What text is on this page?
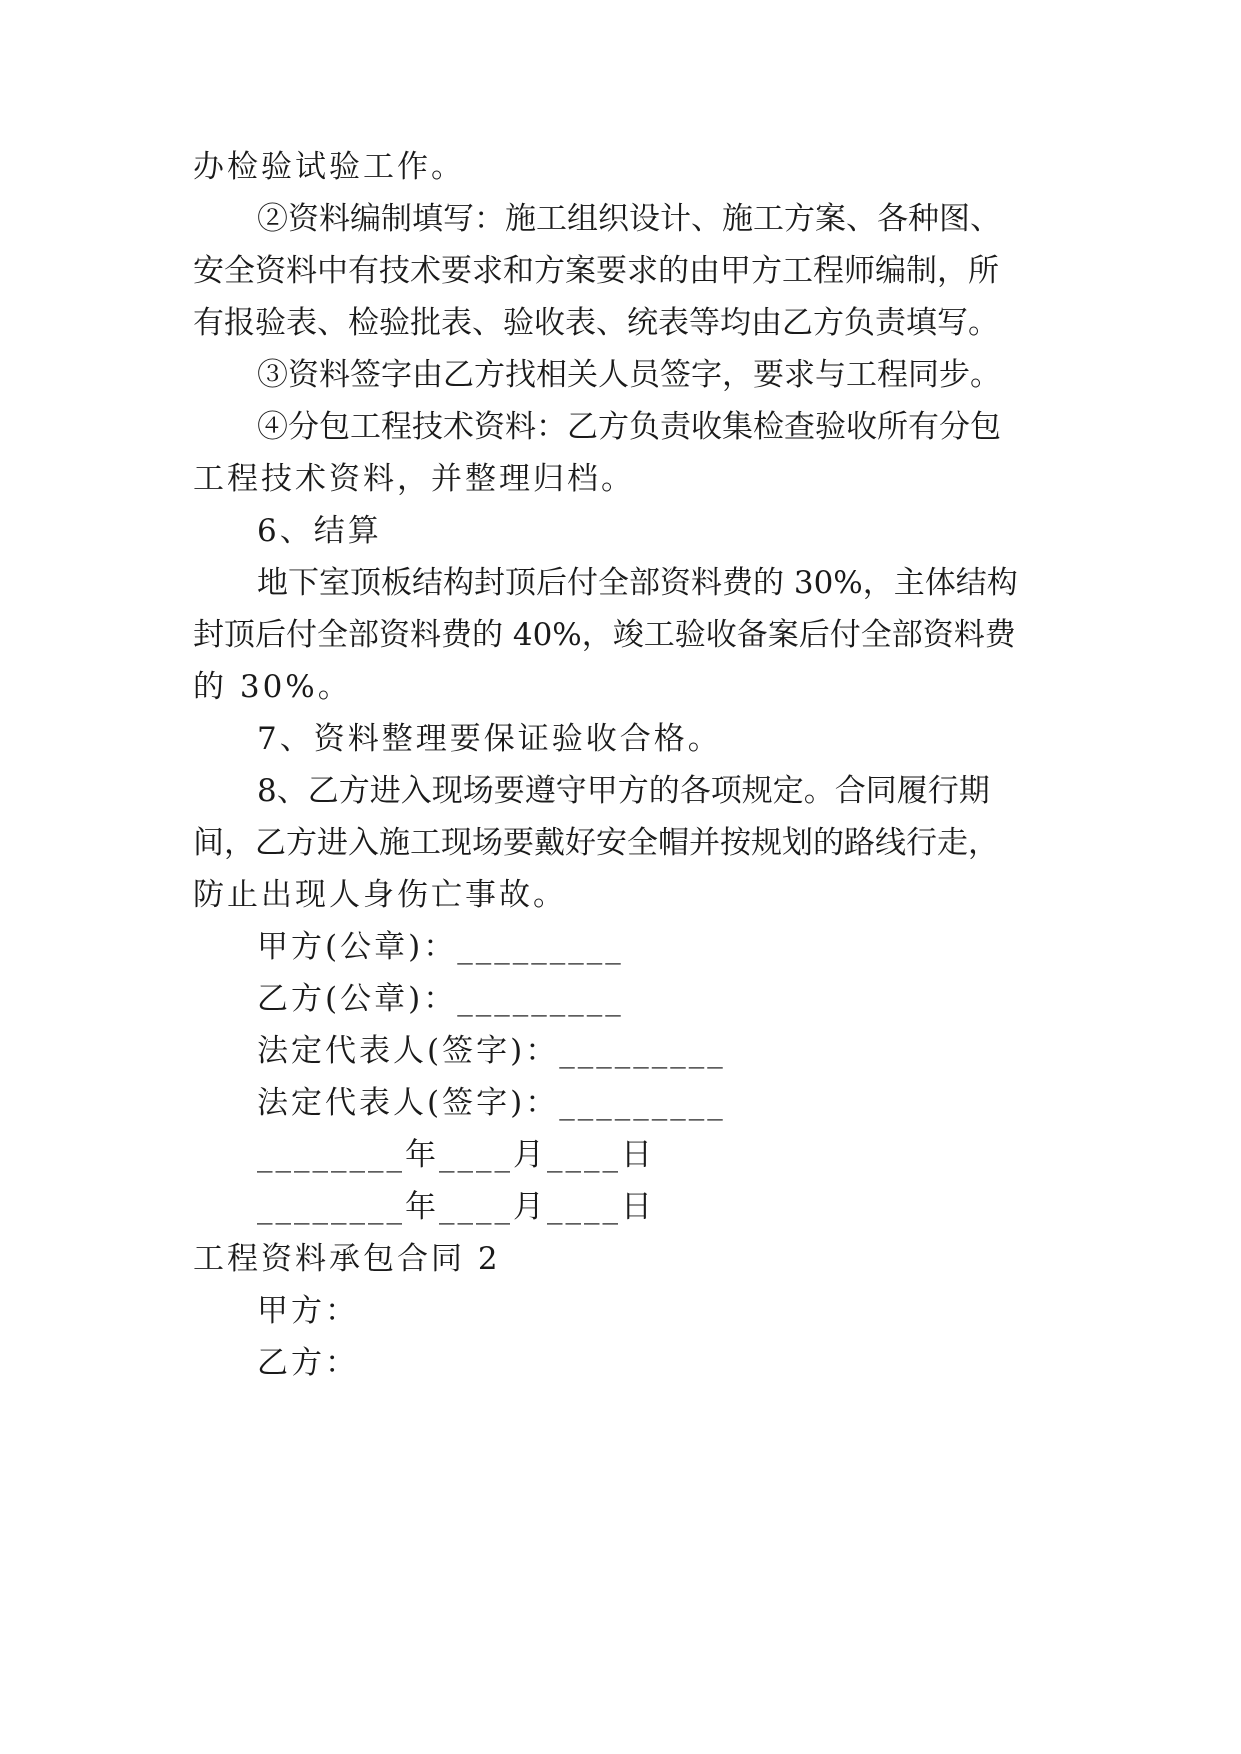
办检验试验工作。
②资料编制填写：施工组织设计、施工方案、各种图、
安全资料中有技术要求和方案要求的由甲方工程师编制，所
有报验表、检验批表、验收表、统表等均由乙方负责填写。
③资料签字由乙方找相关人员签字，要求与工程同步。
④分包工程技术资料：乙方负责收集检查验收所有分包
工程技术资料，并整理归档。
6、结算
地下室顶板结构封顶后付全部资料费的 30%，主体结构
封顶后付全部资料费的 40%，竣工验收备案后付全部资料费
的 30%。
7、资料整理要保证验收合格。
8、乙方进入现场要遵守甲方的各项规定。合同履行期
间，乙方进入施工现场要戴好安全帽并按规划的路线行走，
防止出现人身伤亡事故。
甲方(公章)：_________
乙方(公章)：_________
法定代表人(签字)：_________
法定代表人(签字)：_________
________年____月____日
________年____月____日
工程资料承包合同 2
甲方：
乙方：
